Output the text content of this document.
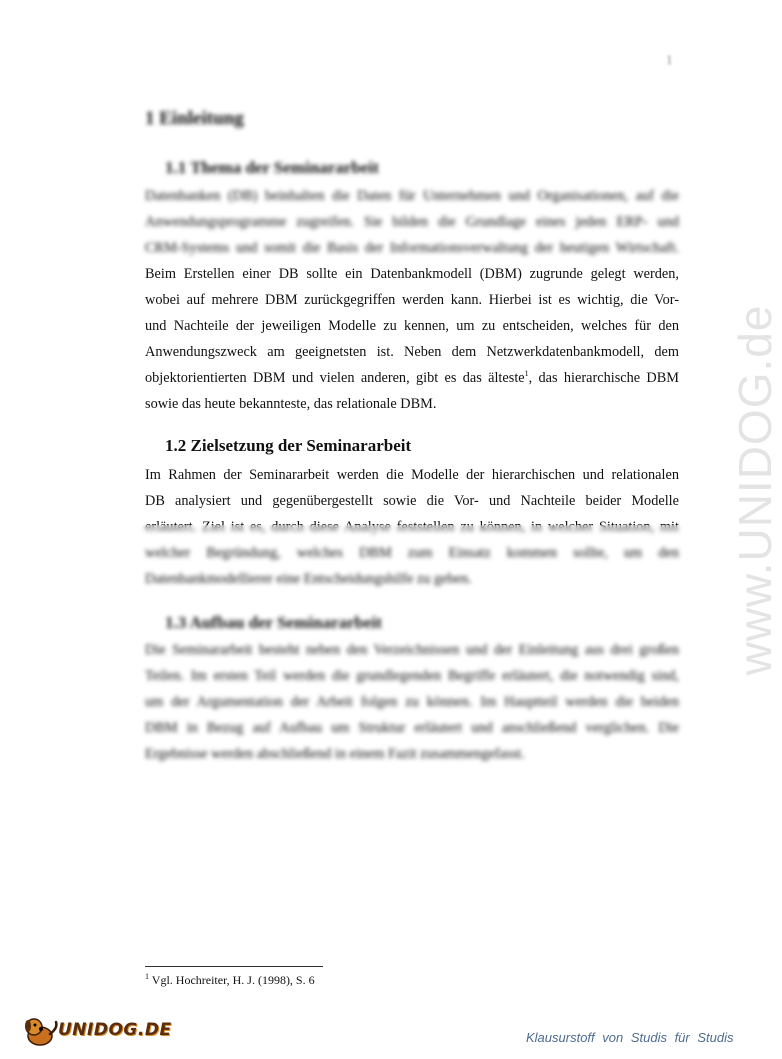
1
www.UNIDOG.de
1 Einleitung
1.1 Thema der Seminararbeit
Datenbanken (DB) beinhalten die Daten für Unternehmen und Organisationen, auf die
Anwendungsprogramme zugreifen. Sie bilden die Grundlage eines jeden ERP- und
CRM-Systems und somit die Basis der Informationsverwaltung der heutigen Wirtschaft.
Beim Erstellen einer DB sollte ein Datenbankmodell (DBM) zugrunde gelegt werden,
wobei auf mehrere DBM zurückgegriffen werden kann. Hierbei ist es wichtig, die Vor-
und Nachteile der jeweiligen Modelle zu kennen, um zu entscheiden, welches für den
Anwendungszweck am geeignetsten ist. Neben dem Netzwerkdatenbankmodell, dem
objektorientierten DBM und vielen anderen, gibt es das älteste$^1$, das hierarchische DBM
sowie das heute bekannteste, das relationale DBM.
1.2 Zielsetzung der Seminararbeit
Im Rahmen der Seminararbeit werden die Modelle der hierarchischen und relationalen
DB analysiert und gegenübergestellt sowie die Vor- und Nachteile beider Modelle
erläutert. Ziel ist es, durch diese Analyse feststellen zu können, in welcher Situation, mit
welcher Begründung, welches DBM zum Einsatz kommen sollte, um den
Datenbankmodellierer eine Entscheidungshilfe zu geben.
1.3 Aufbau der Seminararbeit
Die Seminararbeit besteht neben den Verzeichnissen und der Einleitung aus drei großen
Teilen. Im ersten Teil werden die grundlegenden Begriffe erläutert, die notwendig sind,
um der Argumentation der Arbeit folgen zu können. Im Hauptteil werden die beiden
DBM in Bezug auf Aufbau um Struktur erläutert und anschließend verglichen. Die
Ergebnisse werden abschließend in einem Fazit zusammengefasst.
$^1$ Vgl. Hochreiter, H. J. (1998), S. 6
UNIDOG.DE	Klausurstoff von Studis für Studis
